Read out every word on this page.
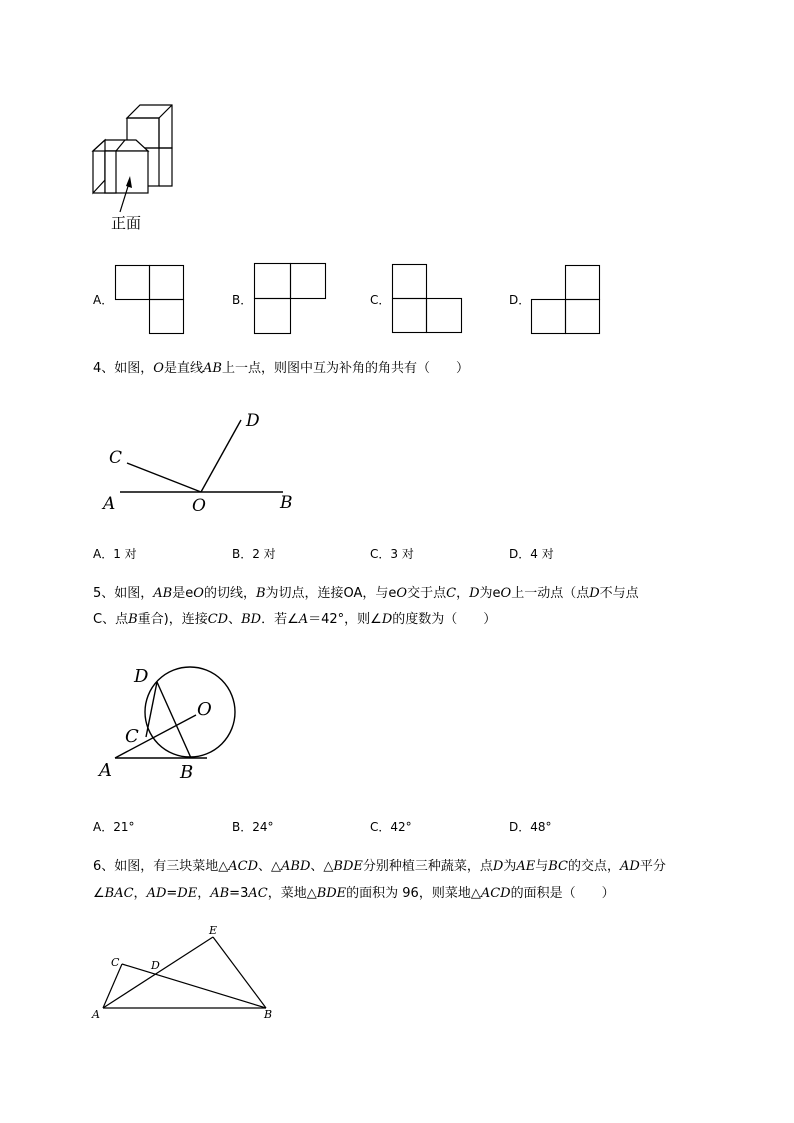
正面
A．	B．	C．	D．
4、如图，O是直线AB上一点，则图中互为补角的角共有（　　）
A	B
C
D
O
A．1 对	B．2 对	C．3 对	D．4 对
5、如图，AB是eO的切线，B为切点，连接OA，与eO交于点C，D为eO上一动点（点D不与点
C、点B重合)，连接CD、BD．若∠A＝42°，则∠D的度数为（　　）
A	B
C
D
O
A．21°	B．24°	C．42°	D．48°
6、如图，有三块菜地△ACD、△ABD、△BDE分别种植三种蔬菜，点D为AE与BC的交点，AD平分
∠BAC，AD=DE，AB=3AC，菜地△BDE的面积为 96，则菜地△ACD的面积是（　　）
A	B
C	D
E
